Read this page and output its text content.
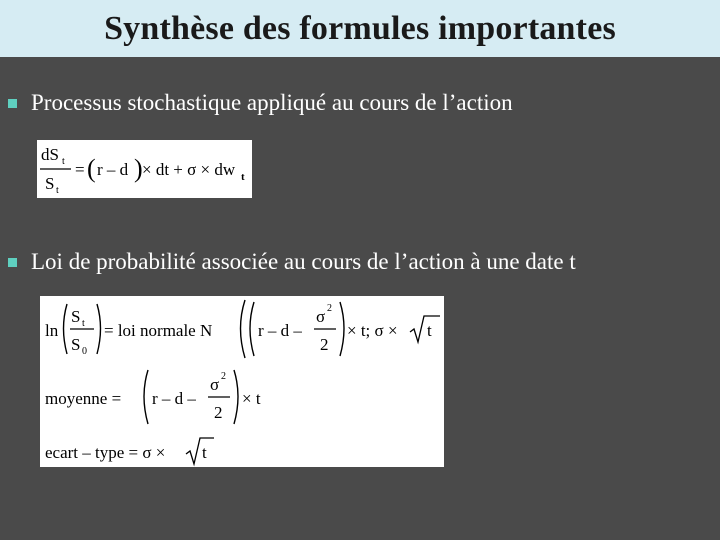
Synthèse des formules importantes
Processus stochastique appliqué au cours de l’action
dS t
S t
= ( r – d ) × dt + σ × dw t
Loi de probabilité associée au cours de l’action à une date t
ln
S t
S 0
= loi normale N	r – d –
σ 2
2
× t; σ × t
moyenne = r – d –
σ 2
2
× t
ecart – type = σ × t
